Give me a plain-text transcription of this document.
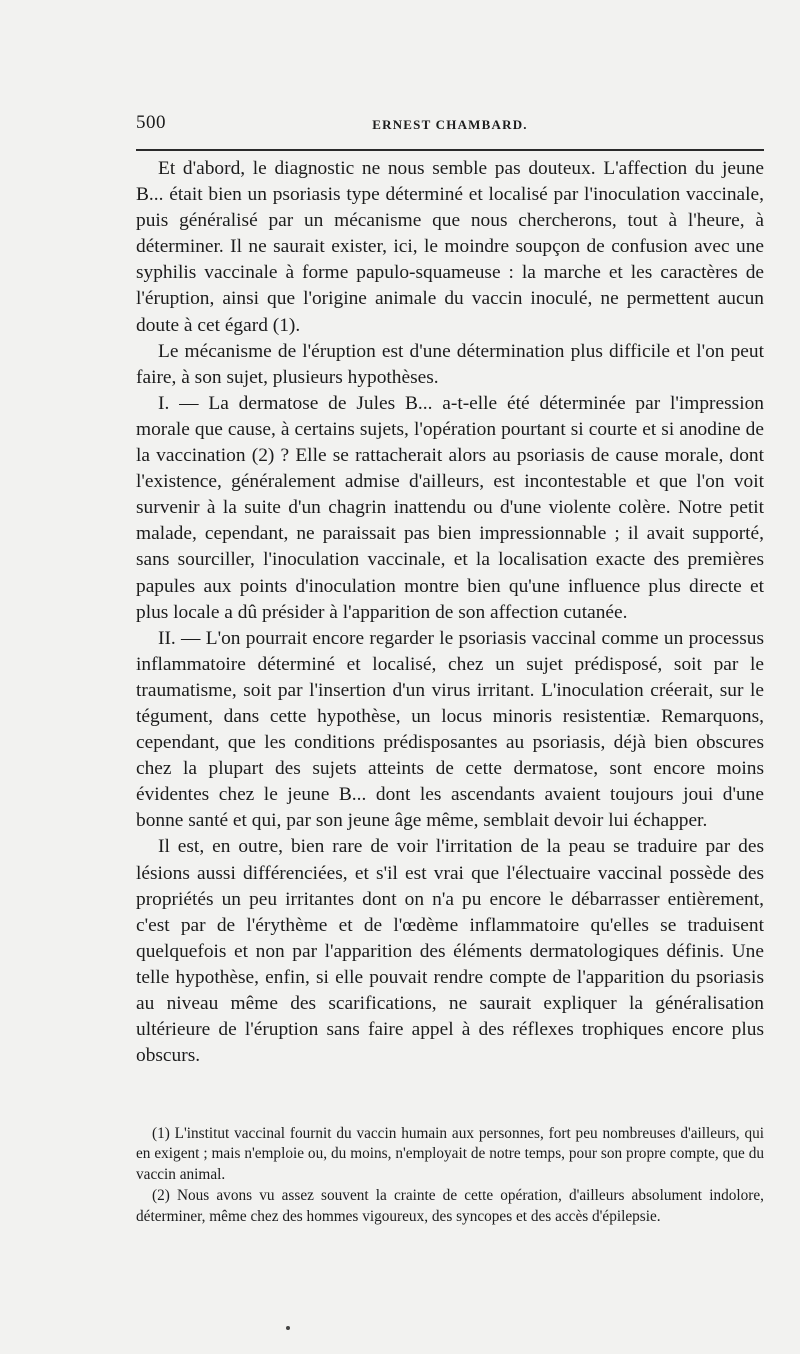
500	ERNEST CHAMBARD.

Et d'abord, le diagnostic ne nous semble pas douteux. L'affection du jeune B... était bien un psoriasis type déterminé et localisé par l'inoculation vaccinale, puis généralisé par un mécanisme que nous chercherons, tout à l'heure, à déterminer. Il ne saurait exister, ici, le moindre soupçon de confusion avec une syphilis vaccinale à forme papulo-squameuse : la marche et les caractères de l'éruption, ainsi que l'origine animale du vaccin inoculé, ne permettent aucun doute à cet égard (1).

Le mécanisme de l'éruption est d'une détermination plus difficile et l'on peut faire, à son sujet, plusieurs hypothèses.

I. — La dermatose de Jules B... a-t-elle été déterminée par l'impression morale que cause, à certains sujets, l'opération pourtant si courte et si anodine de la vaccination (2) ? Elle se rattacherait alors au psoriasis de cause morale, dont l'existence, généralement admise d'ailleurs, est incontestable et que l'on voit survenir à la suite d'un chagrin inattendu ou d'une violente colère. Notre petit malade, cependant, ne paraissait pas bien impressionnable ; il avait supporté, sans sourciller, l'inoculation vaccinale, et la localisation exacte des premières papules aux points d'inoculation montre bien qu'une influence plus directe et plus locale a dû présider à l'apparition de son affection cutanée.

II. — L'on pourrait encore regarder le psoriasis vaccinal comme un processus inflammatoire déterminé et localisé, chez un sujet prédisposé, soit par le traumatisme, soit par l'insertion d'un virus irritant. L'inoculation créerait, sur le tégument, dans cette hypothèse, un locus minoris resistentiæ. Remarquons, cependant, que les conditions prédisposantes au psoriasis, déjà bien obscures chez la plupart des sujets atteints de cette dermatose, sont encore moins évidentes chez le jeune B... dont les ascendants avaient toujours joui d'une bonne santé et qui, par son jeune âge même, semblait devoir lui échapper.

Il est, en outre, bien rare de voir l'irritation de la peau se traduire par des lésions aussi différenciées, et s'il est vrai que l'électuaire vaccinal possède des propriétés un peu irritantes dont on n'a pu encore le débarrasser entièrement, c'est par de l'érythème et de l'œdème inflammatoire qu'elles se traduisent quelquefois et non par l'apparition des éléments dermatologiques définis. Une telle hypothèse, enfin, si elle pouvait rendre compte de l'apparition du psoriasis au niveau même des scarifications, ne saurait expliquer la généralisation ultérieure de l'éruption sans faire appel à des réflexes trophiques encore plus obscurs.

(1) L'institut vaccinal fournit du vaccin humain aux personnes, fort peu nombreuses d'ailleurs, qui en exigent ; mais n'emploie ou, du moins, n'employait de notre temps, pour son propre compte, que du vaccin animal.

(2) Nous avons vu assez souvent la crainte de cette opération, d'ailleurs absolument indolore, déterminer, même chez des hommes vigoureux, des syncopes et des accès d'épilepsie.
